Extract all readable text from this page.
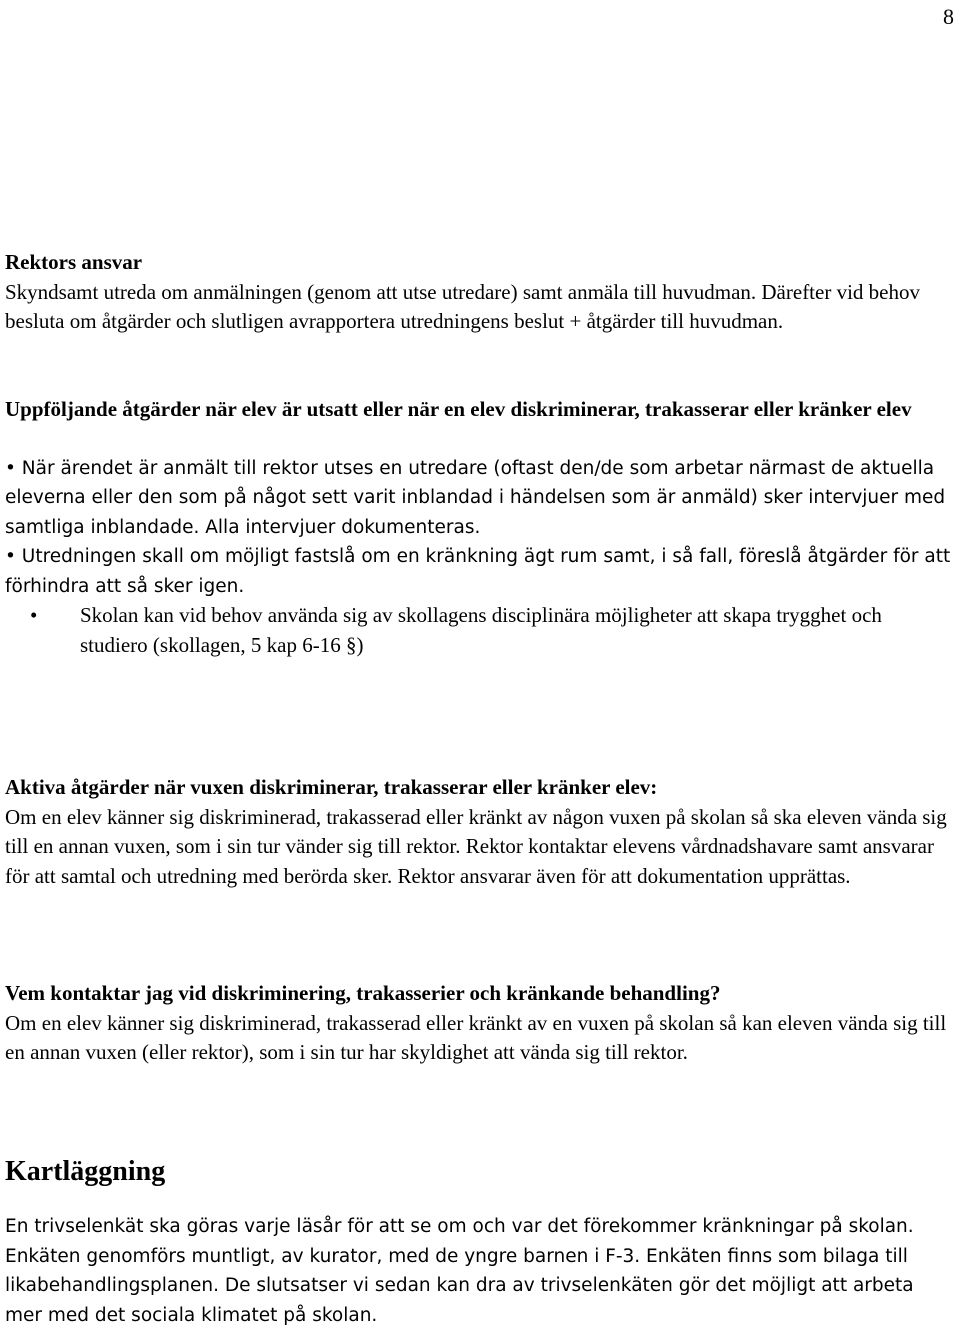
8

Rektors ansvar

Skyndsamt utreda om anmälningen (genom att utse utredare) samt anmäla till huvudman. Därefter vid behov besluta om åtgärder och slutligen avrapportera utredningens beslut + åtgärder till huvudman.

Uppföljande åtgärder när elev är utsatt eller när en elev diskriminerar, trakasserar eller kränker elev

• När ärendet är anmält till rektor utses en utredare (oftast den/de som arbetar närmast de aktuella eleverna eller den som på något sett varit inblandad i händelsen som är anmäld) sker intervjuer med samtliga inblandade. Alla intervjuer dokumenteras.

• Utredningen skall om möjligt fastslå om en kränkning ägt rum samt, i så fall, föreslå åtgärder för att förhindra att så sker igen.

• Skolan kan vid behov använda sig av skollagens disciplinära möjligheter att skapa trygghet och studiero (skollagen, 5 kap 6-16 §)

Aktiva åtgärder när vuxen diskriminerar, trakasserar eller kränker elev:

Om en elev känner sig diskriminerad, trakasserad eller kränkt av någon vuxen på skolan så ska eleven vända sig till en annan vuxen, som i sin tur vänder sig till rektor. Rektor kontaktar elevens vårdnadshavare samt ansvarar för att samtal och utredning med berörda sker. Rektor ansvarar även för att dokumentation upprättas.

Vem kontaktar jag vid diskriminering, trakasserier och kränkande behandling?

Om en elev känner sig diskriminerad, trakasserad eller kränkt av en vuxen på skolan så kan eleven vända sig till en annan vuxen (eller rektor), som i sin tur har skyldighet att vända sig till rektor.

Kartläggning

En trivselenkät ska göras varje läsår för att se om och var det förekommer kränkningar på skolan. Enkäten genomförs muntligt, av kurator, med de yngre barnen i F-3. Enkäten finns som bilaga till likabehandlingsplanen. De slutsatser vi sedan kan dra av trivselenkäten gör det möjligt att arbeta mer med det sociala klimatet på skolan.
